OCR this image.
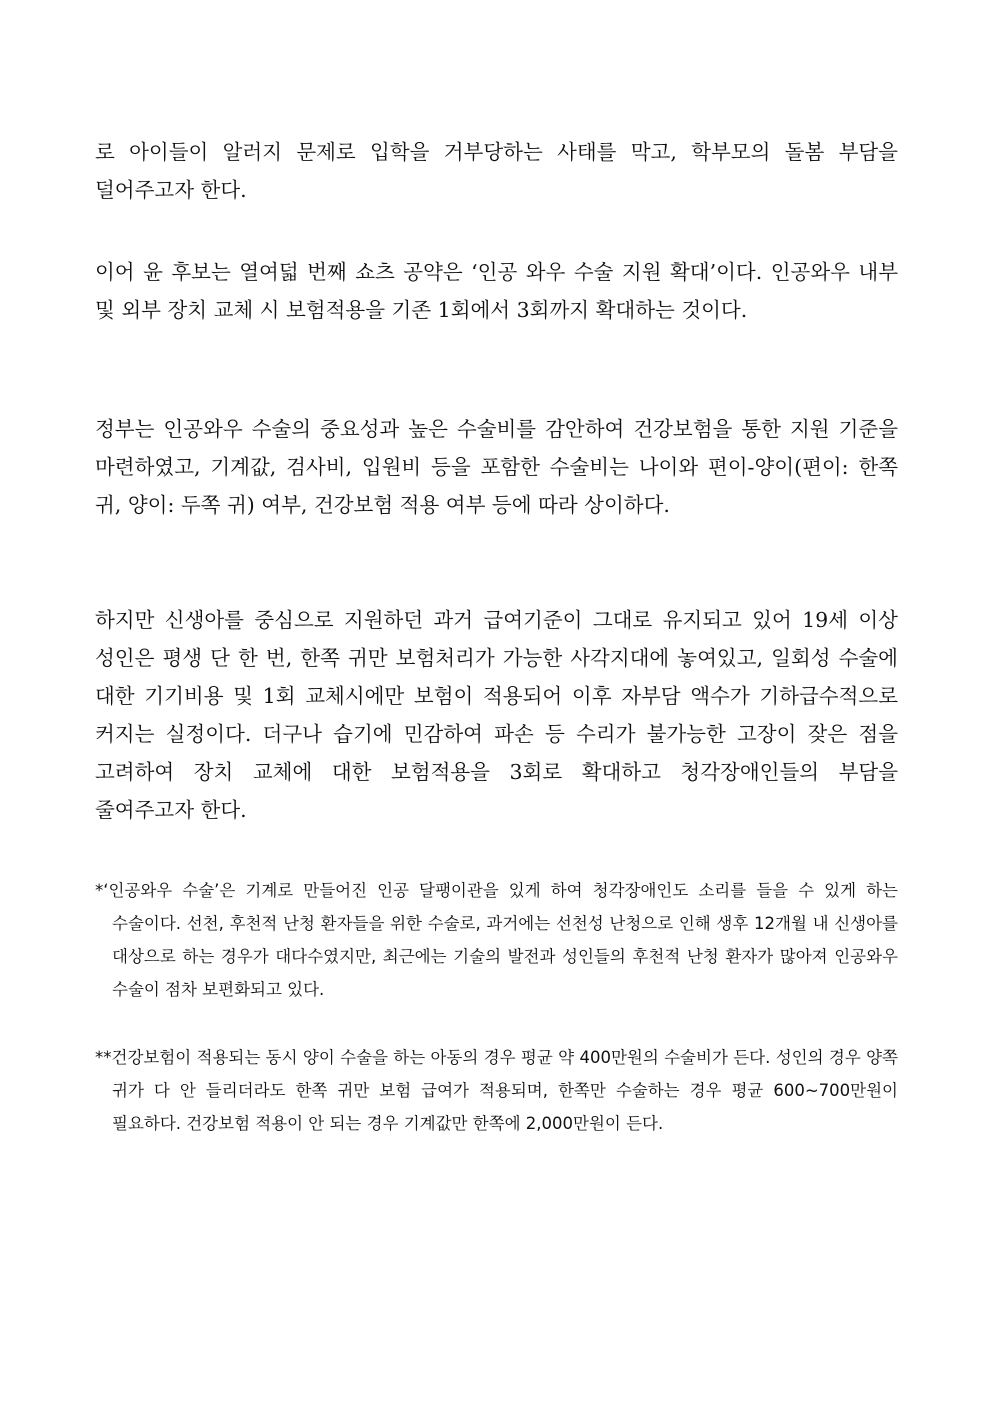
로 아이들이 알러지 문제로 입학을 거부당하는 사태를 막고, 학부모의 돌봄 부담을 덜어주고자 한다.

이어 윤 후보는 열여덟 번째 쇼츠 공약은 ‘인공 와우 수술 지원 확대’이다. 인공와우 내부 및 외부 장치 교체 시 보험적용을 기존 1회에서 3회까지 확대하는 것이다.

정부는 인공와우 수술의 중요성과 높은 수술비를 감안하여 건강보험을 통한 지원 기준을 마련하였고, 기계값, 검사비, 입원비 등을 포함한 수술비는 나이와 편이-양이(편이: 한쪽 귀, 양이: 두쪽 귀) 여부, 건강보험 적용 여부 등에 따라 상이하다.

하지만 신생아를 중심으로 지원하던 과거 급여기준이 그대로 유지되고 있어 19세 이상 성인은 평생 단 한 번, 한쪽 귀만 보험처리가 가능한 사각지대에 놓여있고, 일회성 수술에 대한 기기비용 및 1회 교체시에만 보험이 적용되어 이후 자부담 액수가 기하급수적으로 커지는 실정이다. 더구나 습기에 민감하여 파손 등 수리가 불가능한 고장이 잦은 점을 고려하여 장치 교체에 대한 보험적용을 3회로 확대하고 청각장애인들의 부담을 줄여주고자 한다.

*‘인공와우 수술’은 기계로 만들어진 인공 달팽이관을 있게 하여 청각장애인도 소리를 들을 수 있게 하는 수술이다. 선천, 후천적 난청 환자들을 위한 수술로, 과거에는 선천성 난청으로 인해 생후 12개월 내 신생아를 대상으로 하는 경우가 대다수였지만, 최근에는 기술의 발전과 성인들의 후천적 난청 환자가 많아져 인공와우 수술이 점차 보편화되고 있다.

**건강보험이 적용되는 동시 양이 수술을 하는 아동의 경우 평균 약 400만원의 수술비가 든다. 성인의 경우 양쪽 귀가 다 안 들리더라도 한쪽 귀만 보험 급여가 적용되며, 한쪽만 수술하는 경우 평균 600~700만원이 필요하다. 건강보험 적용이 안 되는 경우 기계값만 한쪽에 2,000만원이 든다.
